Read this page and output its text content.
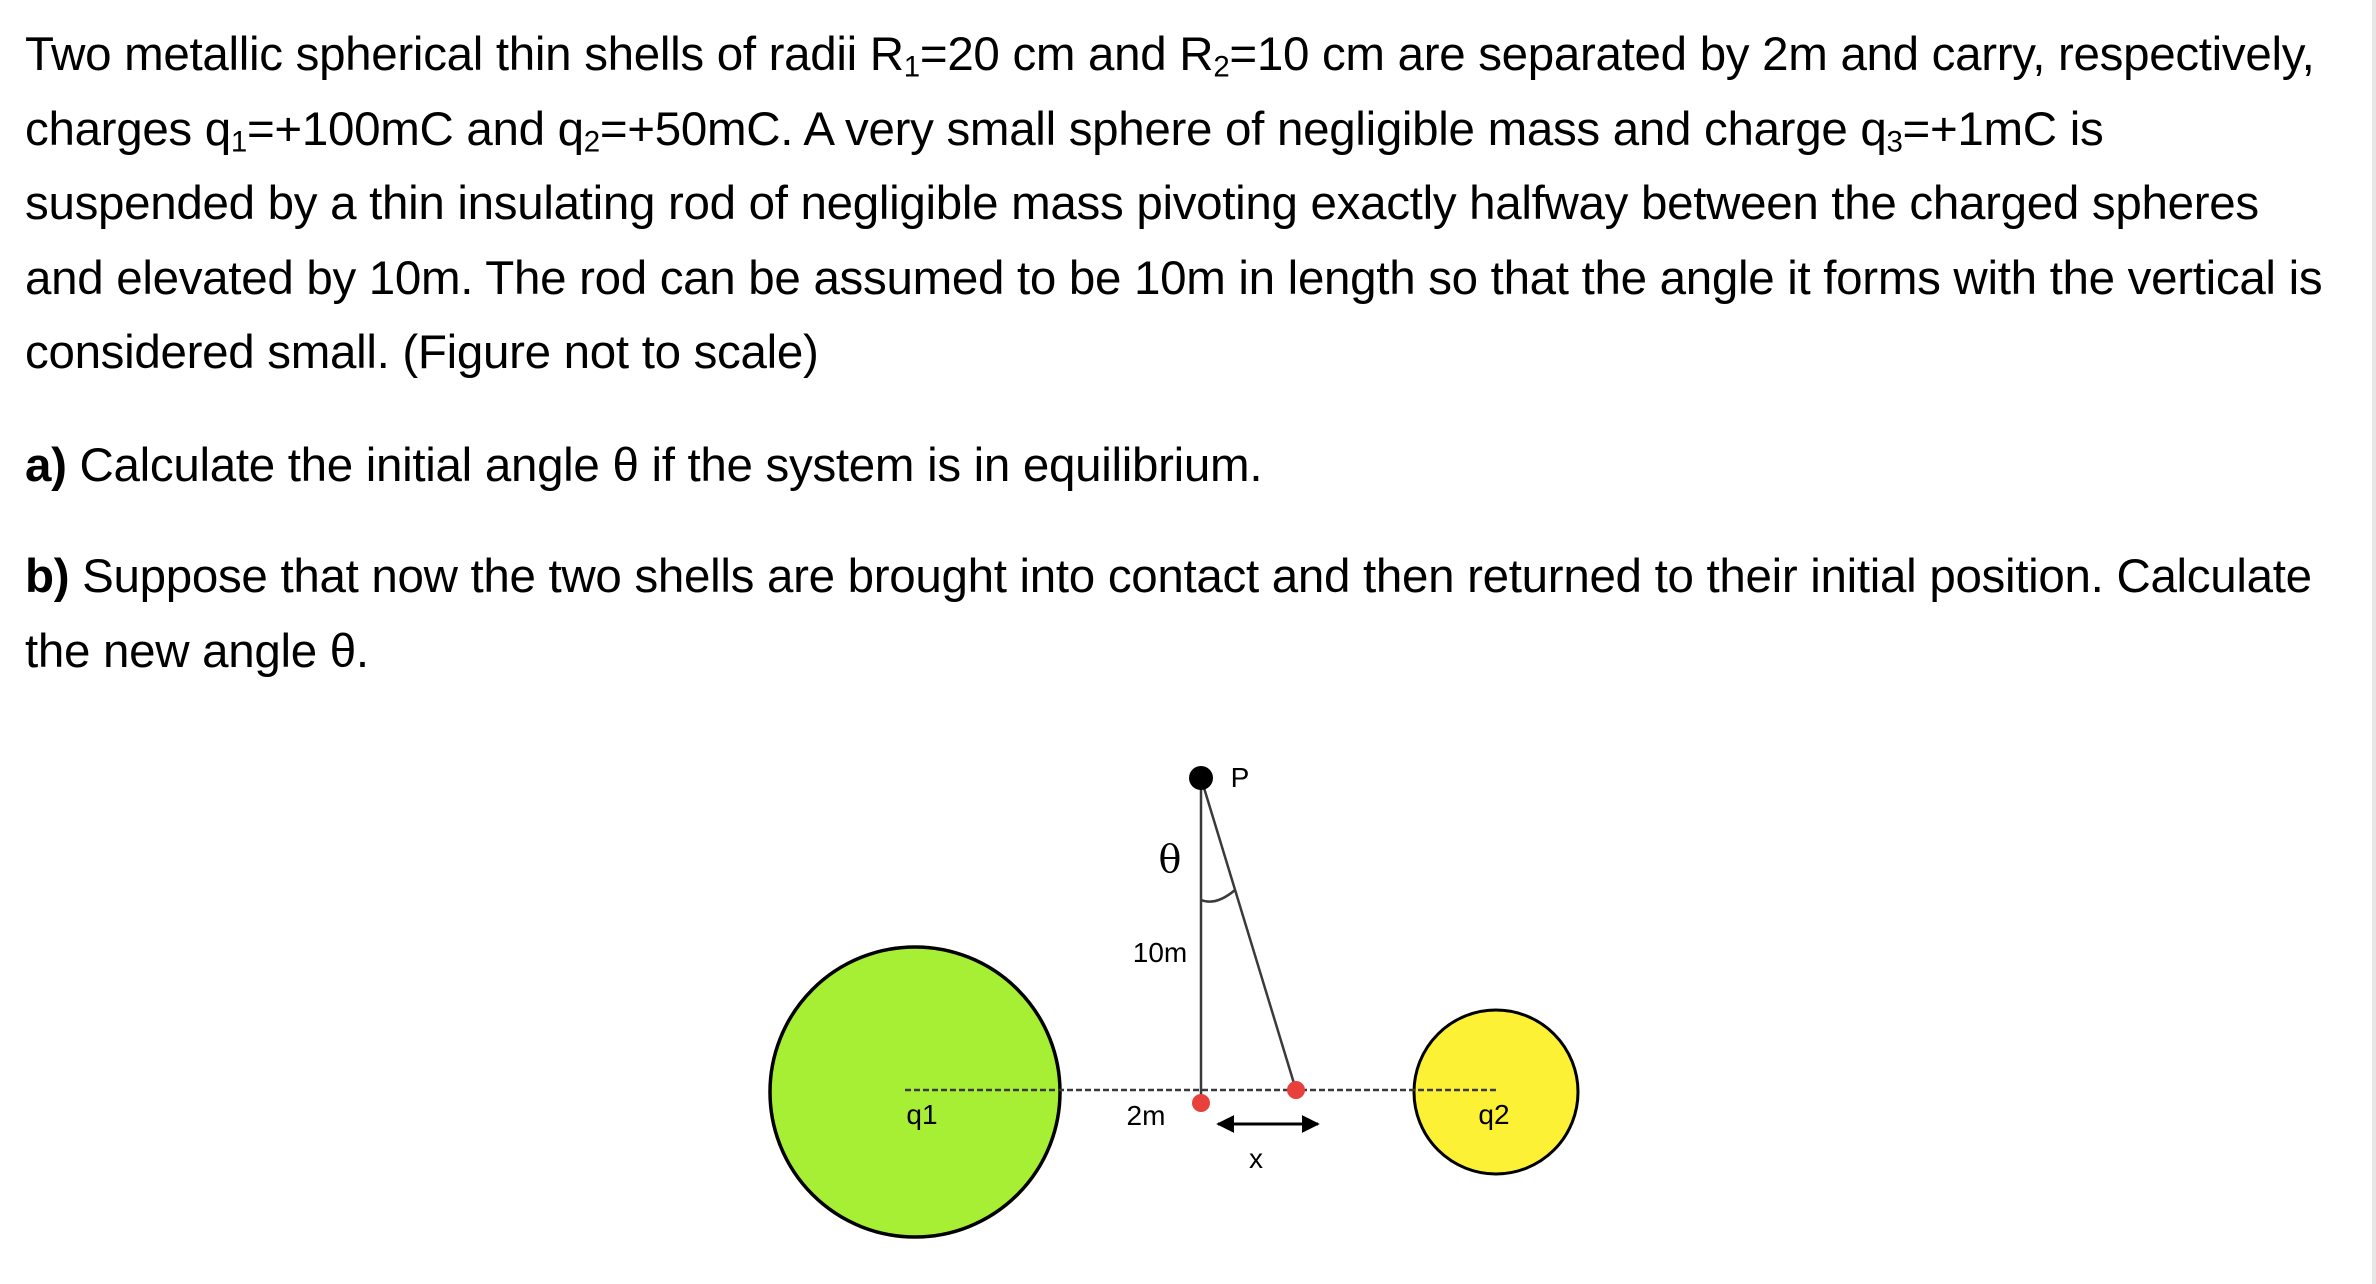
Two metallic spherical thin shells of radii $R_1=20$ cm and $R_2=10$ cm are separated by 2m and carry, respectively, charges $q_1=+100mC$ and $q_2=+50mC$. A very small sphere of negligible mass and charge $q_3=+1mC$ is suspended by a thin insulating rod of negligible mass pivoting exactly halfway between the charged spheres and elevated by 10m. The rod can be assumed to be 10m in length so that the angle it forms with the vertical is considered small. (Figure not to scale)

a) Calculate the initial angle θ if the system is in equilibrium.

b) Suppose that now the two shells are brought into contact and then returned to their initial position. Calculate the new angle θ.

P
θ
10m
2m
x
q1	q2
